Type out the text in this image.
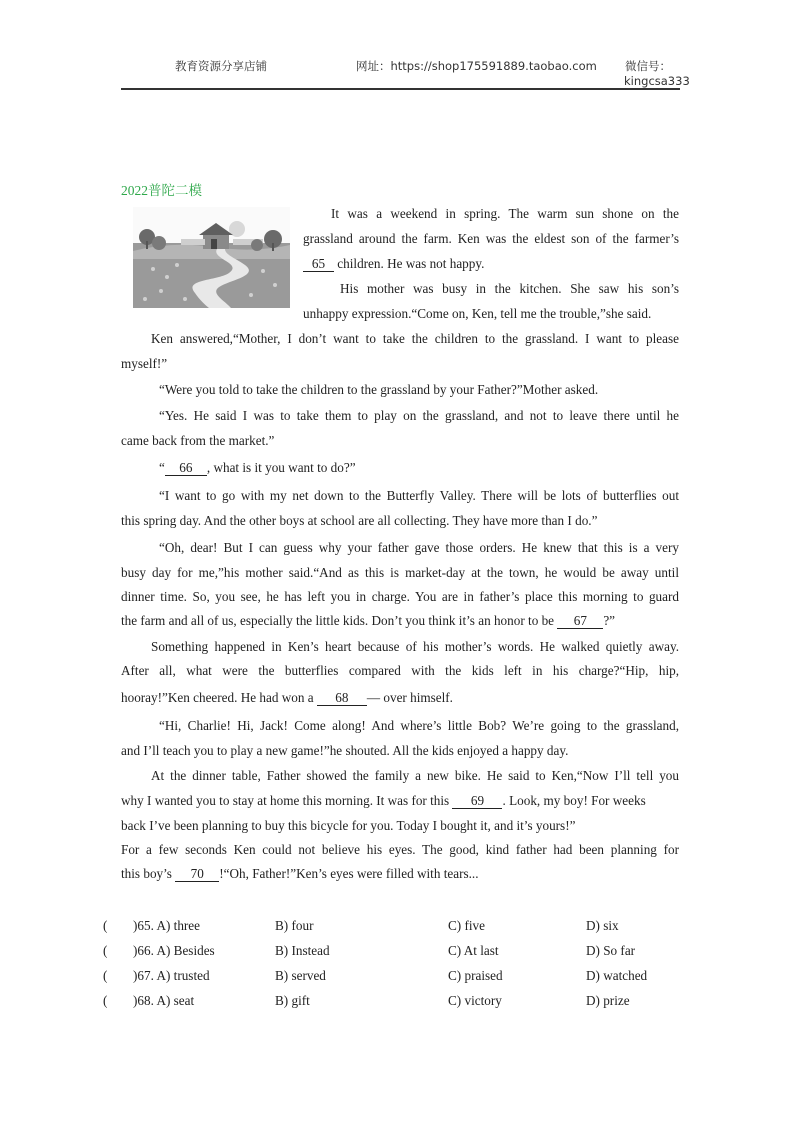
教育资源分享店铺	网址：https://shop175591889.taobao.com 微信号：
kingcsa333
2022普陀二模
It was a weekend in spring. The warm sun shone on the
grassland around the farm. Ken was the eldest son of the farmer’s
65 children. He was not happy.
His mother was busy in the kitchen. She saw his son’s
unhappy expression.“Come on, Ken, tell me the trouble,”she said.
Ken answered,“Mother, I don’t want to take the children to the grassland. I want to please
myself!”
“Were you told to take the children to the grassland by your Father?”Mother asked.
“Yes. He said I was to take them to play on the grassland, and not to leave there until he
came back from the market.”
“ 66 , what is it you want to do?”
“I want to go with my net down to the Butterfly Valley. There will be lots of butterflies out
this spring day. And the other boys at school are all collecting. They have more than I do.”
“Oh, dear! But I can guess why your father gave those orders. He knew that this is a very
busy day for me,”his mother said.“And as this is market-day at the town, he would be away until
dinner time. So, you see, he has left you in charge. You are in father’s place this morning to guard
the farm and all of us, especially the little kids. Don’t you think it’s an honor to be 67 ?”
Something happened in Ken’s heart because of his mother’s words. He walked quietly away.
After all, what were the butterflies compared with the kids left in his charge?“Hip, hip,
hooray!”Ken cheered. He had won a 68 — over himself.
“Hi, Charlie! Hi, Jack! Come along! And where’s little Bob? We’re going to the grassland,
and I’ll teach you to play a new game!”he shouted. All the kids enjoyed a happy day.
At the dinner table, Father showed the family a new bike. He said to Ken,“Now I’ll tell you
why I wanted you to stay at home this morning. It was for this 69 . Look, my boy! For weeks
back I’ve been planning to buy this bicycle for you. Today I bought it, and it’s yours!”
For a few seconds Ken could not believe his eyes. The good, kind father had been planning for
this boy’s 70 !“Oh, Father!”Ken’s eyes were filled with tears...
( )65. A) three	B) four	C) five	D) six
( )66. A) Besides	B) Instead	C) At last	D) So far
( )67. A) trusted	B) served	C) praised	D) watched
( )68. A) seat	B) gift	C) victory	D) prize
